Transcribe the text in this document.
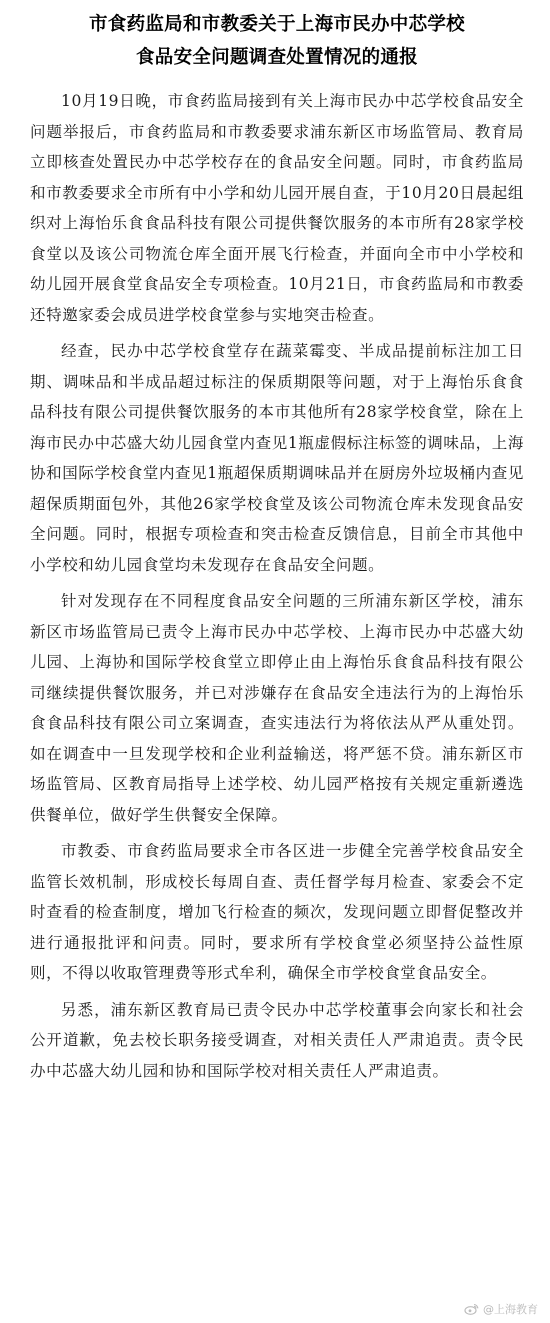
市食药监局和市教委关于上海市民办中芯学校
食品安全问题调查处置情况的通报

10月19日晚，市食药监局接到有关上海市民办中芯学校食品安全问题举报后，市食药监局和市教委要求浦东新区市场监管局、教育局立即核查处置民办中芯学校存在的食品安全问题。同时，市食药监局和市教委要求全市所有中小学和幼儿园开展自查，于10月20日晨起组织对上海怡乐食食品科技有限公司提供餐饮服务的本市所有28家学校食堂以及该公司物流仓库全面开展飞行检查，并面向全市中小学校和幼儿园开展食堂食品安全专项检查。10月21日，市食药监局和市教委还特邀家委会成员进学校食堂参与实地突击检查。

经查，民办中芯学校食堂存在蔬菜霉变、半成品提前标注加工日期、调味品和半成品超过标注的保质期限等问题，对于上海怡乐食食品科技有限公司提供餐饮服务的本市其他所有28家学校食堂，除在上海市民办中芯盛大幼儿园食堂内查见1瓶虚假标注标签的调味品，上海协和国际学校食堂内查见1瓶超保质期调味品并在厨房外垃圾桶内查见超保质期面包外，其他26家学校食堂及该公司物流仓库未发现食品安全问题。同时，根据专项检查和突击检查反馈信息，目前全市其他中小学校和幼儿园食堂均未发现存在食品安全问题。

针对发现存在不同程度食品安全问题的三所浦东新区学校，浦东新区市场监管局已责令上海市民办中芯学校、上海市民办中芯盛大幼儿园、上海协和国际学校食堂立即停止由上海怡乐食食品科技有限公司继续提供餐饮服务，并已对涉嫌存在食品安全违法行为的上海怡乐食食品科技有限公司立案调查，查实违法行为将依法从严从重处罚。如在调查中一旦发现学校和企业利益输送，将严惩不贷。浦东新区市场监管局、区教育局指导上述学校、幼儿园严格按有关规定重新遴选供餐单位，做好学生供餐安全保障。

市教委、市食药监局要求全市各区进一步健全完善学校食品安全监管长效机制，形成校长每周自查、责任督学每月检查、家委会不定时查看的检查制度，增加飞行检查的频次，发现问题立即督促整改并进行通报批评和问责。同时，要求所有学校食堂必须坚持公益性原则，不得以收取管理费等形式牟利，确保全市学校食堂食品安全。

另悉，浦东新区教育局已责令民办中芯学校董事会向家长和社会公开道歉，免去校长职务接受调查，对相关责任人严肃追责。责令民办中芯盛大幼儿园和协和国际学校对相关责任人严肃追责。

@上海教育
